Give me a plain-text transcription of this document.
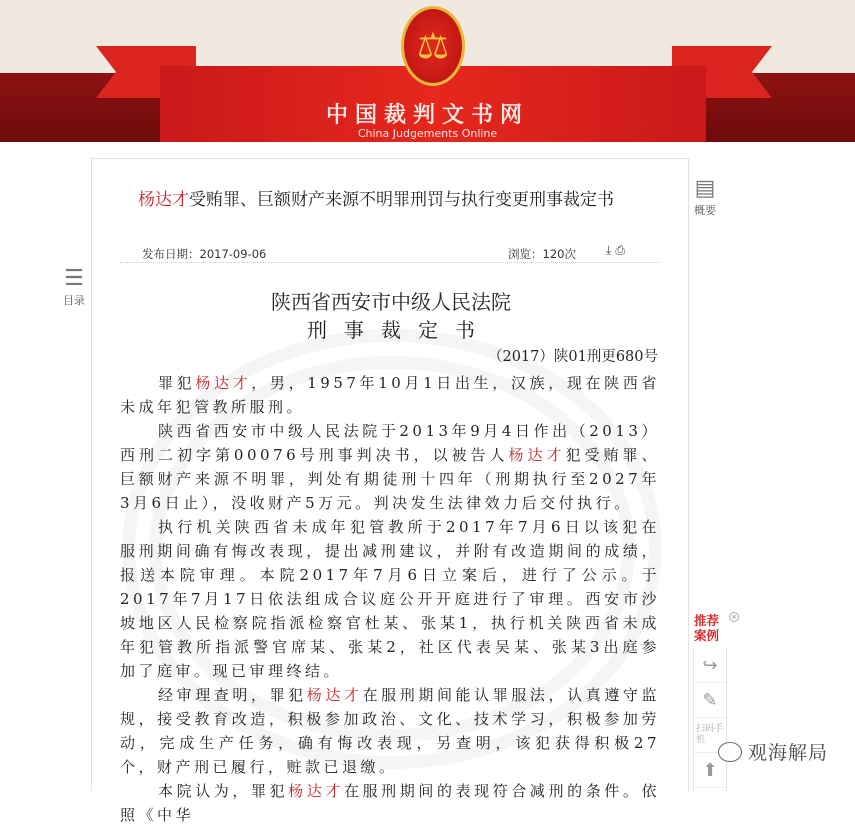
⚖
中国裁判文书网
China Judgements Online
杨达才受贿罪、巨额财产来源不明罪刑罚与执行变更刑事裁定书
发布日期：2017-09-06	浏览：120次	⤓⎙
陕西省西安市中级人民法院
刑事裁定书
（2017）陕01刑更680号

罪犯杨达才，男，1957年10月1日出生，汉族，现在陕西省未成年犯管教所服刑。

陕西省西安市中级人民法院于2013年9月4日作出（2013）西刑二初字第00076号刑事判决书，以被告人杨达才犯受贿罪、巨额财产来源不明罪，判处有期徒刑十四年（刑期执行至2027年3月6日止），没收财产5万元。判决发生法律效力后交付执行。

执行机关陕西省未成年犯管教所于2017年7月6日以该犯在服刑期间确有悔改表现，提出减刑建议，并附有改造期间的成绩，报送本院审理。本院2017年7月6日立案后，进行了公示。于2017年7月17日依法组成合议庭公开开庭进行了审理。西安市沙坡地区人民检察院指派检察官杜某、张某1，执行机关陕西省未成年犯管教所指派警官席某、张某2，社区代表吴某、张某3出庭参加了庭审。现已审理终结。

经审理查明，罪犯杨达才在服刑期间能认罪服法，认真遵守监规，接受教育改造，积极参加政治、文化、技术学习，积极参加劳动，完成生产任务，确有悔改表现，另查明，该犯获得积极27个，财产刑已履行，赃款已退缴。

本院认为，罪犯杨达才在服刑期间的表现符合减刑的条件。依照《中华

☰
目录
▤
概要
推荐案例
×
↪
✎
扫码手机
⬆
观海解局
